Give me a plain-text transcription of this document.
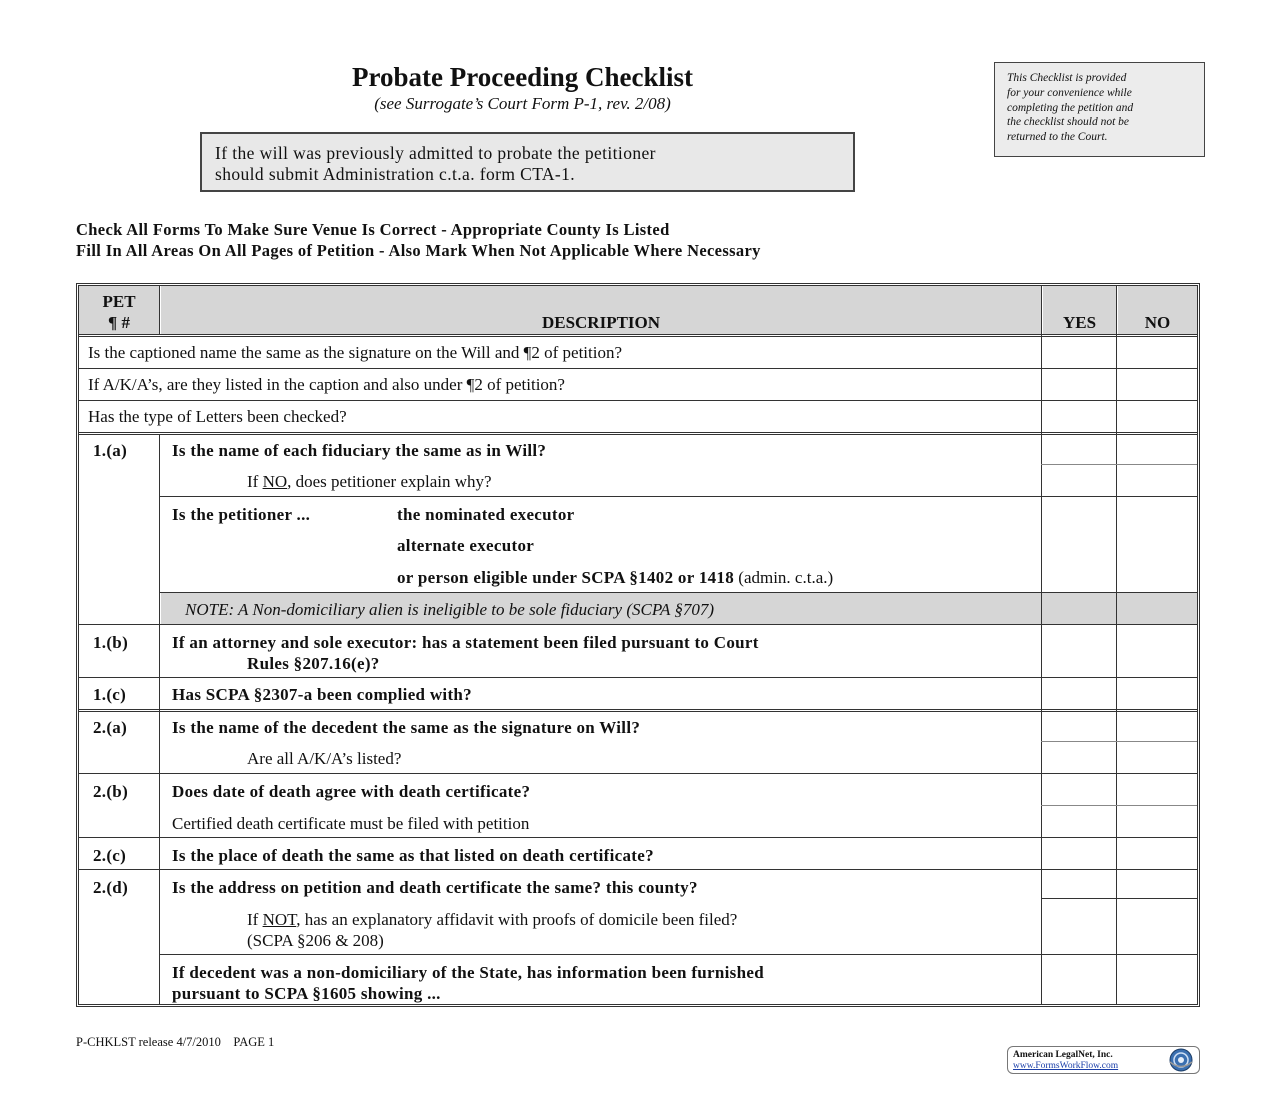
Probate Proceeding Checklist
(see Surrogate’s Court Form P-1, rev. 2/08)
If the will was previously admitted to probate the petitioner
should submit Administration c.t.a. form CTA-1.
This Checklist is provided
for your convenience while
completing the petition and
the checklist should not be
returned to the Court.
Check All Forms To Make Sure Venue Is Correct - Appropriate County Is Listed
Fill In All Areas On All Pages of Petition - Also Mark When Not Applicable Where Necessary
PET
¶ #	DESCRIPTION	YES	NO
Is the captioned name the same as the signature on the Will and ¶2 of petition?
If A/K/A’s, are they listed in the caption and also under ¶2 of petition?
Has the type of Letters been checked?
1.(a)	Is the name of each fiduciary the same as in Will?
If NO, does petitioner explain why?
Is the petitioner ...	the nominated executor
alternate executor
or person eligible under SCPA §1402 or 1418 (admin. c.t.a.)
NOTE: A Non-domiciliary alien is ineligible to be sole fiduciary (SCPA §707)
1.(b)	If an attorney and sole executor: has a statement been filed pursuant to Court
Rules §207.16(e)?
1.(c)	Has SCPA §2307-a been complied with?
2.(a)	Is the name of the decedent the same as the signature on Will?
Are all A/K/A’s listed?
2.(b)	Does date of death agree with death certificate?
Certified death certificate must be filed with petition
2.(c)	Is the place of death the same as that listed on death certificate?
2.(d)	Is the address on petition and death certificate the same? this county?
If NOT, has an explanatory affidavit with proofs of domicile been filed?
(SCPA §206 & 208)
If decedent was a non-domiciliary of the State, has information been furnished
pursuant to SCPA §1605 showing ...
P-CHKLST release 4/7/2010 PAGE 1
American LegalNet, Inc.
www.FormsWorkFlow.com
